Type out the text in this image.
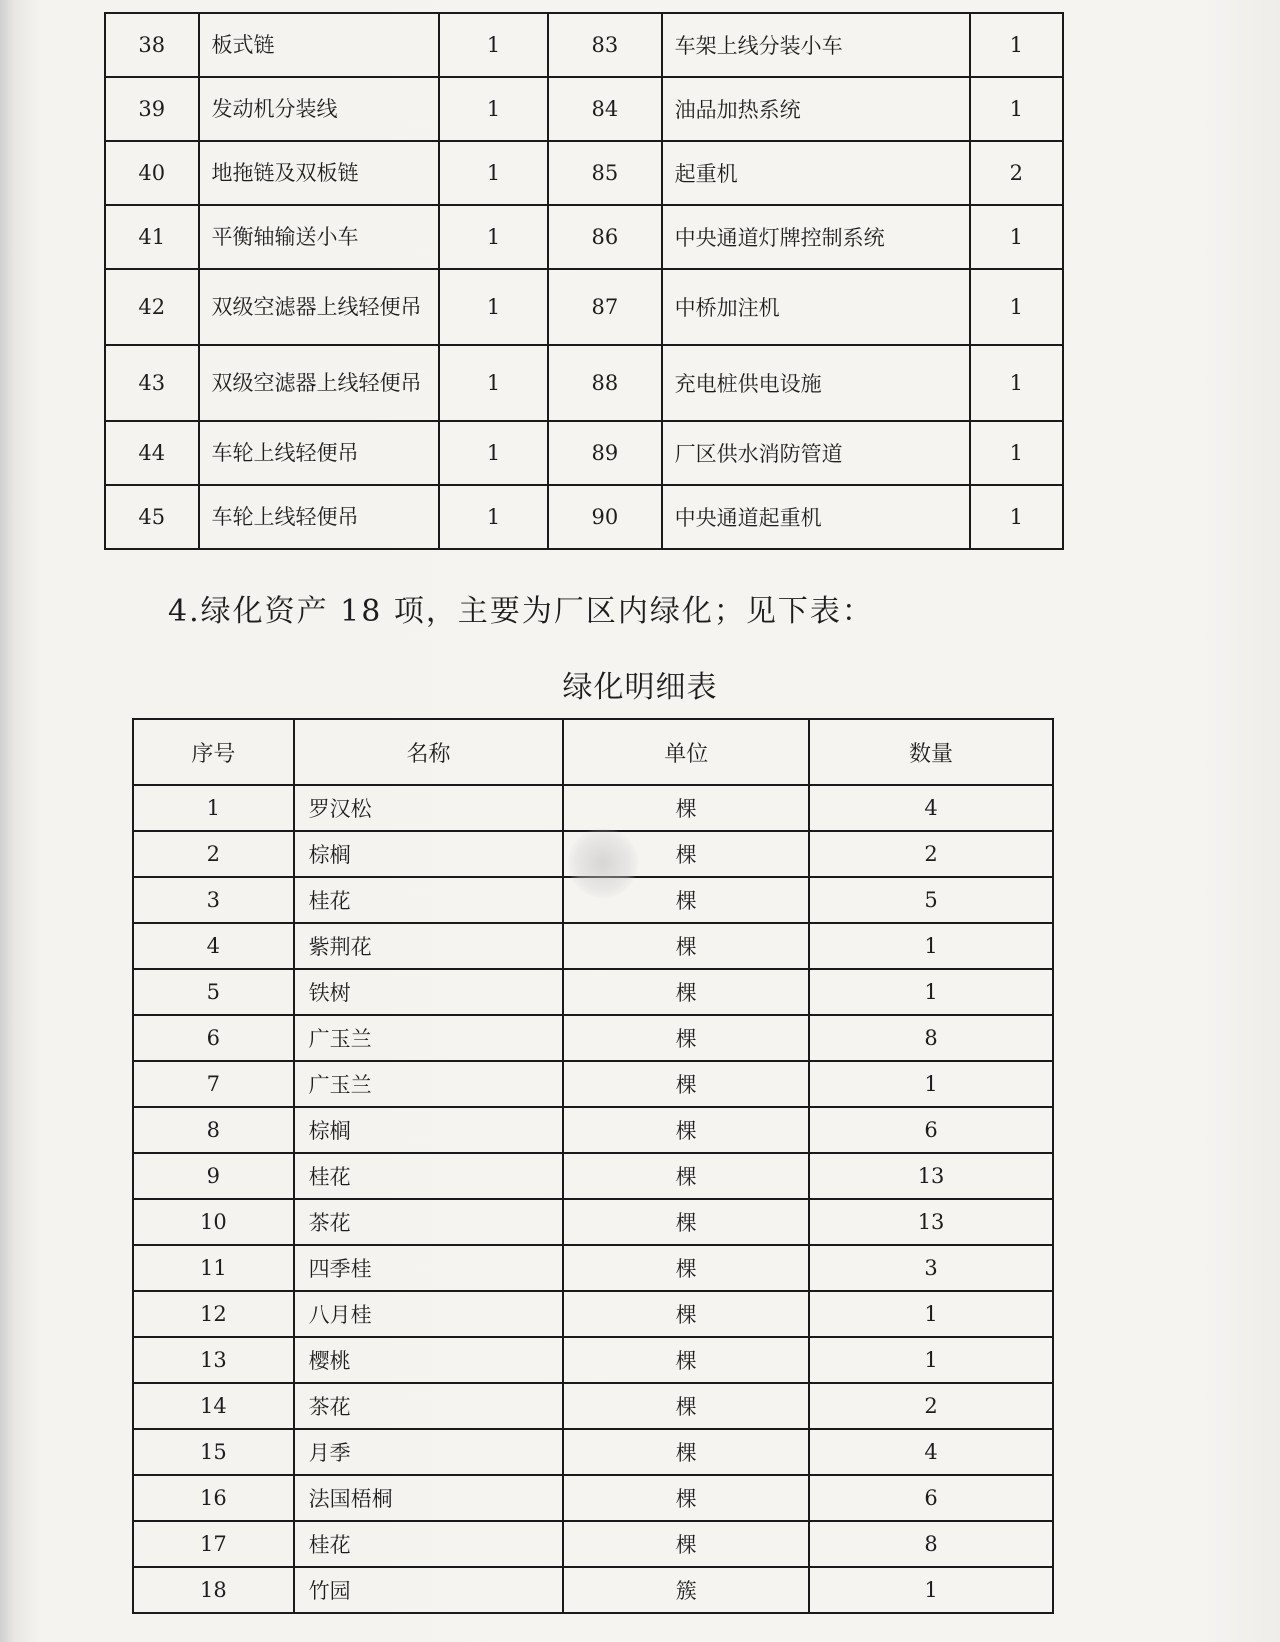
38	板式链	1	83	车架上线分装小车	1
39	发动机分装线	1	84	油品加热系统	1
40	地拖链及双板链	1	85	起重机	2
41	平衡轴输送小车	1	86	中央通道灯牌控制系统	1
42	双级空滤器上线轻便吊	1	87	中桥加注机	1
43	双级空滤器上线轻便吊	1	88	充电桩供电设施	1
44	车轮上线轻便吊	1	89	厂区供水消防管道	1
45	车轮上线轻便吊	1	90	中央通道起重机	1
4.绿化资产 18 项，主要为厂区内绿化；见下表：
绿化明细表
序号	名称	单位	数量
1	罗汉松	棵	4
2	棕榈	棵	2
3	桂花	棵	5
4	紫荆花	棵	1
5	铁树	棵	1
6	广玉兰	棵	8
7	广玉兰	棵	1
8	棕榈	棵	6
9	桂花	棵	13
10	茶花	棵	13
11	四季桂	棵	3
12	八月桂	棵	1
13	樱桃	棵	1
14	茶花	棵	2
15	月季	棵	4
16	法国梧桐	棵	6
17	桂花	棵	8
18	竹园	簇	1
